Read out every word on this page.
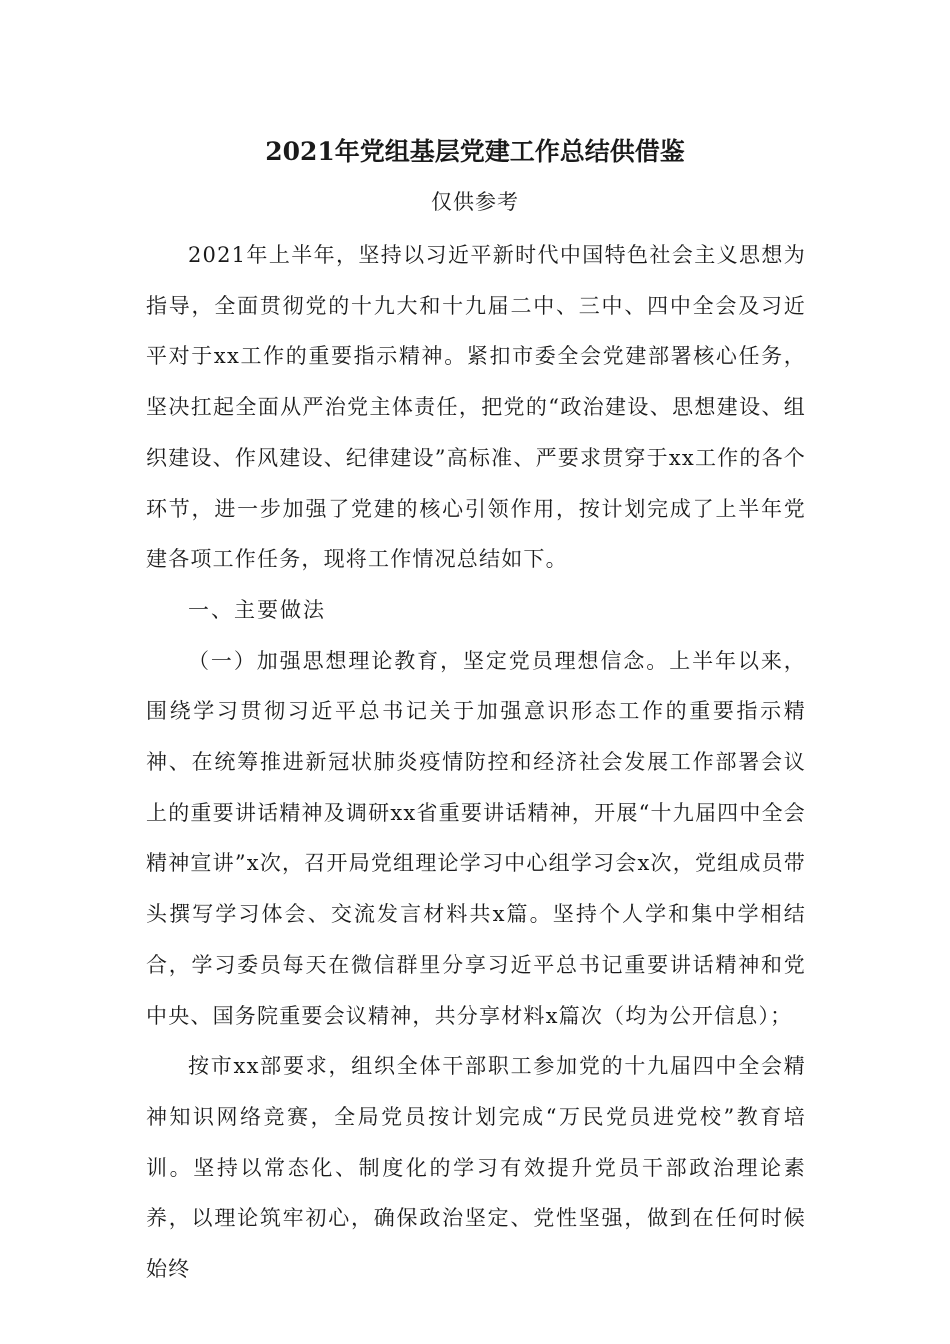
2021年党组基层党建工作总结供借鉴
仅供参考

2021年上半年，坚持以习近平新时代中国特色社会主义思想为指导，全面贯彻党的十九大和十九届二中、三中、四中全会及习近平对于xx工作的重要指示精神。紧扣市委全会党建部署核心任务，坚决扛起全面从严治党主体责任，把党的“政治建设、思想建设、组织建设、作风建设、纪律建设”高标准、严要求贯穿于xx工作的各个环节，进一步加强了党建的核心引领作用，按计划完成了上半年党建各项工作任务，现将工作情况总结如下。

一、主要做法

（一）加强思想理论教育，坚定党员理想信念。上半年以来，围绕学习贯彻习近平总书记关于加强意识形态工作的重要指示精神、在统筹推进新冠状肺炎疫情防控和经济社会发展工作部署会议上的重要讲话精神及调研xx省重要讲话精神，开展“十九届四中全会精神宣讲”x次，召开局党组理论学习中心组学习会x次，党组成员带头撰写学习体会、交流发言材料共x篇。坚持个人学和集中学相结合，学习委员每天在微信群里分享习近平总书记重要讲话精神和党中央、国务院重要会议精神，共分享材料x篇次（均为公开信息）；

按市xx部要求，组织全体干部职工参加党的十九届四中全会精神知识网络竞赛，全局党员按计划完成“万民党员进党校”教育培训。坚持以常态化、制度化的学习有效提升党员干部政治理论素养，以理论筑牢初心，确保政治坚定、党性坚强，做到在任何时候始终
